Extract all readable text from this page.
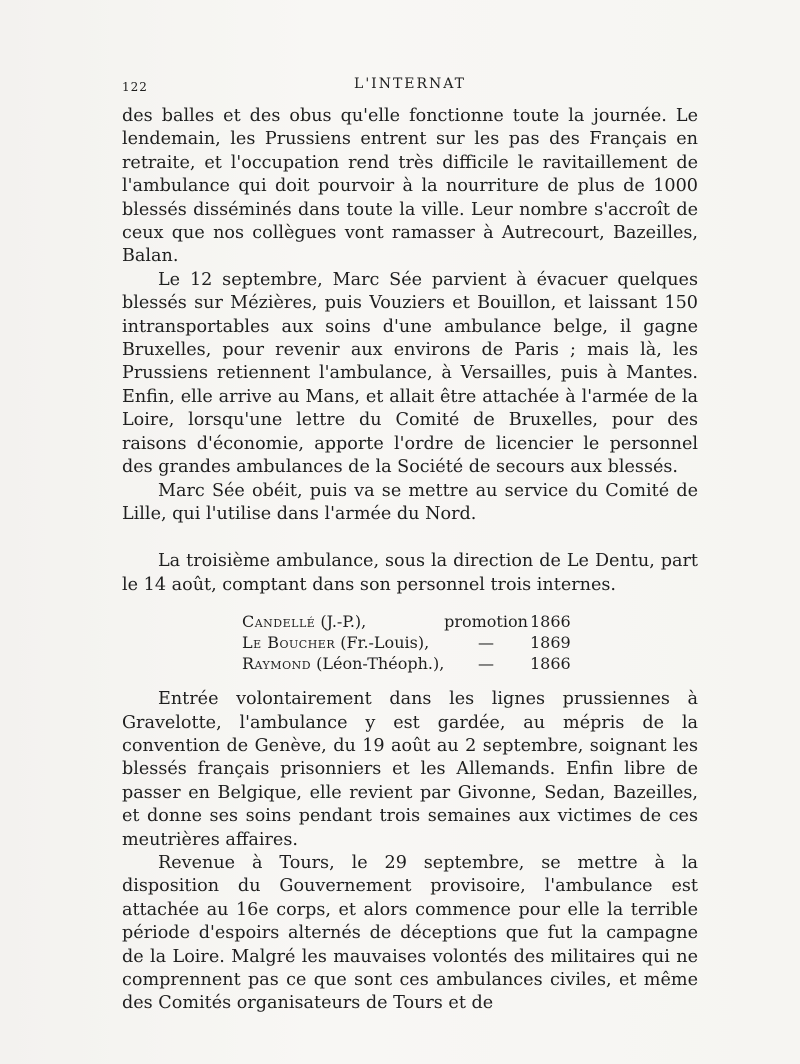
122	L'INTERNAT

des balles et des obus qu'elle fonctionne toute la journée. Le lendemain, les Prussiens entrent sur les pas des Français en retraite, et l'occupation rend très difficile le ravitaillement de l'ambulance qui doit pourvoir à la nourriture de plus de 1000 blessés disséminés dans toute la ville. Leur nombre s'accroît de ceux que nos collègues vont ramasser à Autrecourt, Bazeilles, Balan.

Le 12 septembre, Marc Sée parvient à évacuer quelques blessés sur Mézières, puis Vouziers et Bouillon, et laissant 150 intransportables aux soins d'une ambulance belge, il gagne Bruxelles, pour revenir aux environs de Paris ; mais là, les Prussiens retiennent l'ambulance, à Versailles, puis à Mantes. Enfin, elle arrive au Mans, et allait être attachée à l'armée de la Loire, lorsqu'une lettre du Comité de Bruxelles, pour des raisons d'économie, apporte l'ordre de licencier le personnel des grandes ambulances de la Société de secours aux blessés.

Marc Sée obéit, puis va se mettre au service du Comité de Lille, qui l'utilise dans l'armée du Nord.

La troisième ambulance, sous la direction de Le Dentu, part le 14 août, comptant dans son personnel trois internes.

Candellé (J.-P.),	promotion 1866
Le Boucher (Fr.-Louis),	—	1869
Raymond (Léon-Théoph.),	—	1866

Entrée volontairement dans les lignes prussiennes à Gravelotte, l'ambulance y est gardée, au mépris de la convention de Genève, du 19 août au 2 septembre, soignant les blessés français prisonniers et les Allemands. Enfin libre de passer en Belgique, elle revient par Givonne, Sedan, Bazeilles, et donne ses soins pendant trois semaines aux victimes de ces meutrières affaires.

Revenue à Tours, le 29 septembre, se mettre à la disposition du Gouvernement provisoire, l'ambulance est attachée au 16e corps, et alors commence pour elle la terrible période d'espoirs alternés de déceptions que fut la campagne de la Loire. Malgré les mauvaises volontés des militaires qui ne comprennent pas ce que sont ces ambulances civiles, et même des Comités organisateurs de Tours et de
